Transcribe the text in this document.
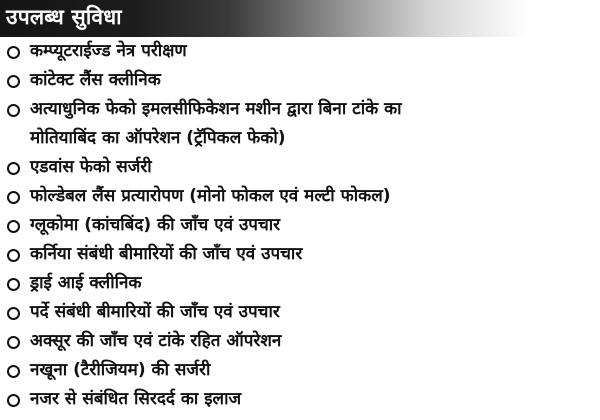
उपलब्ध सुविधा
कम्प्यूटराईज्ड नेत्र परीक्षण
कांटेक्ट लैंस क्लीनिक
अत्याधुनिक फेको इमलसीफिकेशन मशीन द्वारा बिना टांके का
मोतियाबिंद का ऑपरेशन (ट्रॅपिकल फेको)
एडवांस फेको सर्जरी
फोल्डेबल लैंस प्रत्यारोपण (मोनो फोकल एवं मल्टी फोकल)
ग्लूकोमा (कांचबिंद) की जाँच एवं उपचार
कर्निया संबंधी बीमारियों की जाँच एवं उपचार
ड्राई आई क्लीनिक
पर्दे संबंधी बीमारियों की जाँच एवं उपचार
अक्सूर की जाँच एवं टांके रहित ऑपरेशन
नखूना (टैरीजियम) की सर्जरी
नजर से संबंधित सिरदर्द का इलाज
